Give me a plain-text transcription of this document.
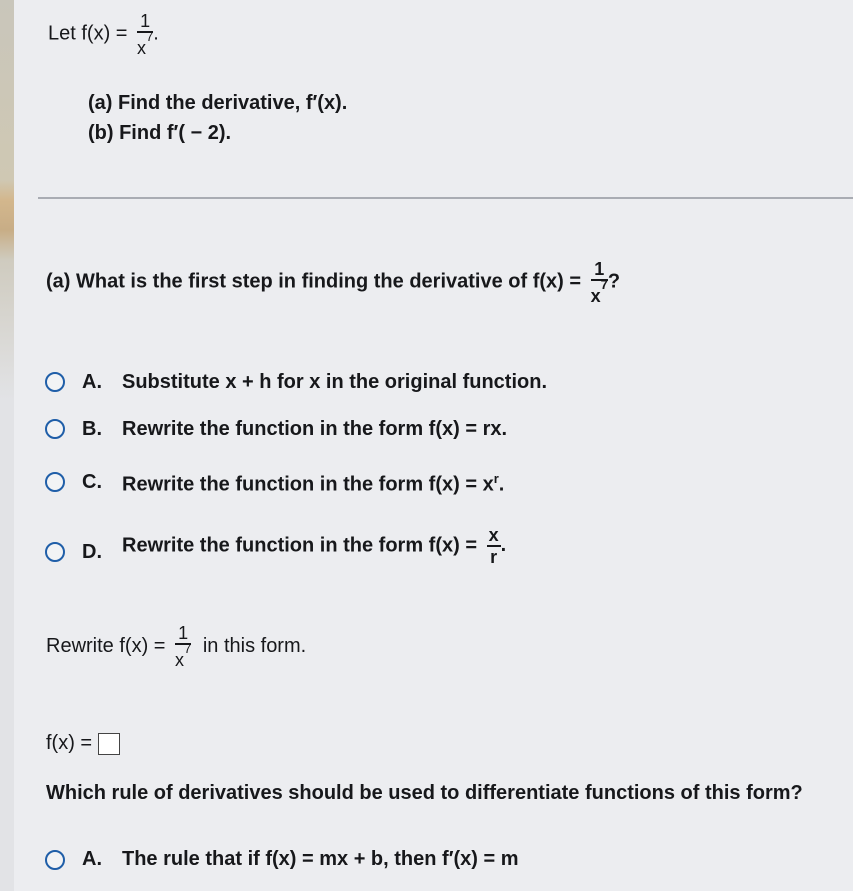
Let $f(x) = \frac{1}{x^7}$ .
(a) Find the derivative, f′(x).
(b) Find f′( − 2).
(a) What is the first step in finding the derivative of $f(x) = \frac{1}{x^7}$ ?
A. Substitute x + h for x in the original function.
B. Rewrite the function in the form f(x) = rx.
C. Rewrite the function in the form $f(x) = x^r$.
D. Rewrite the function in the form $f(x) = \frac{x}{r}$ .
Rewrite $f(x) = \frac{1}{x^7}$ in this form.
f(x) =
Which rule of derivatives should be used to differentiate functions of this form?
A. The rule that if f(x) = mx + b, then f′(x) = m
